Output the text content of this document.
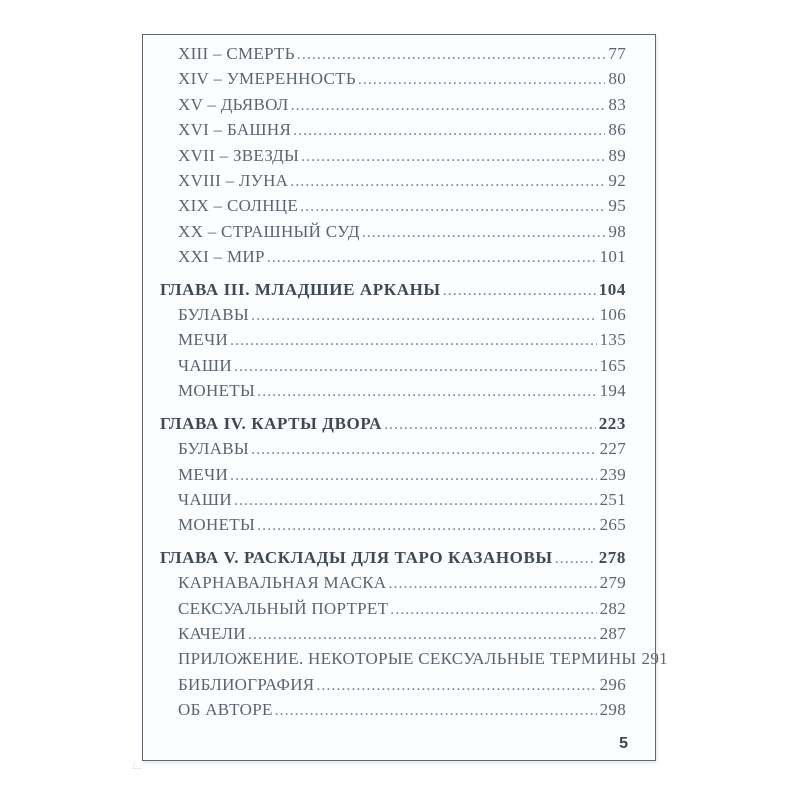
XIII – СМЕРТЬ .....	77
XIV – УМЕРЕННОСТЬ .....	80
XV – ДЬЯВОЛ .....	83
XVI – БАШНЯ .....	86
XVII – ЗВЕЗДЫ .....	89
XVIII – ЛУНА .....	92
XIX – СОЛНЦЕ .....	95
XX – СТРАШНЫЙ СУД .....	98
XXI – МИР .....	101
ГЛАВА III. МЛАДШИЕ АРКАНЫ .....	104
БУЛАВЫ .....	106
МЕЧИ .....	135
ЧАШИ .....	165
МОНЕТЫ .....	194
ГЛАВА IV. КАРТЫ ДВОРА .....	223
БУЛАВЫ .....	227
МЕЧИ .....	239
ЧАШИ .....	251
МОНЕТЫ .....	265
ГЛАВА V. РАСКЛАДЫ ДЛЯ ТАРО КАЗАНОВЫ .....	278
КАРНАВАЛЬНАЯ МАСКА .....	279
СЕКСУАЛЬНЫЙ ПОРТРЕТ .....	282
КАЧЕЛИ .....	287
ПРИЛОЖЕНИЕ. НЕКОТОРЫЕ СЕКСУАЛЬНЫЕ ТЕРМИНЫ 291
БИБЛИОГРАФИЯ .....	296
ОБ АВТОРЕ .....	298
5
